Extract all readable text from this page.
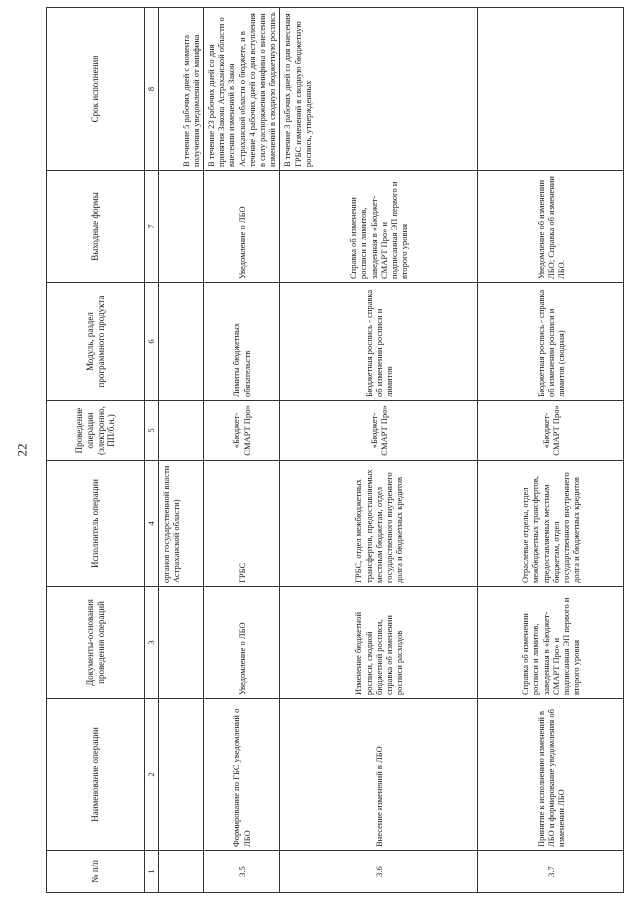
22
№ п/п	Наименование операции	Документы-основания проведения операций	Исполнитель операции	Проведение операции (электронно, ПП/б.н.)	Модуль, раздел программного продукта	Выходные формы	Срок исполнения
1	2	3	4	5	6	7	8
			органов государственной власти Астраханской области)				В течение 5 рабочих дней с момента получения уведомлений от минфина
3.5	Формирование по ГБС уведомлений о ЛБО	Уведомление о ЛБО	ГРБС	«Бюджет-СМАРТ Про»	Лимиты бюджетных обязательств	Уведомление о ЛБО	В течение 23 рабочих дней со дня принятия Закона Астраханской области о внесении изменений в Закон Астраханской области о бюджете, и в течение 4 рабочих дней со дня вступления в силу распоряжения минфина о внесении изменений в сводную бюджетную роспись
3.6	Внесение изменений в ЛБО	Изменение бюджетной росписи, сводной бюджетной росписи, справка об изменении росписи расходов	ГРБС, отдел межбюджетных трансфертов, предоставляемых местным бюджетам, отдел государственного внутреннего долга и бюджетных кредитов	«Бюджет-СМАРТ Про»	Бюджетная роспись - справка об изменении росписи и лимитов	Справка об изменении росписи и лимитов, заведенная в «Бюджет-СМАРТ Про» и подписанная ЭП первого и второго уровня	В течение 3 рабочих дней со дня внесения ГРБС изменений в сводную бюджетную роспись, утвержденных
3.7	Принятие к исполнению изменений в ЛБО и формирование уведомления об изменении ЛБО	Справка об изменении росписи и лимитов, заведенная в «Бюджет-СМАРТ Про» и подписанная ЭП первого и второго уровня	Отраслевые отделы, отдел межбюджетных трансфертов, предоставляемых местным бюджетам, отдел государственного внутреннего долга и бюджетных кредитов	«Бюджет-СМАРТ Про»	Бюджетная роспись - справка об изменении росписи и лимитов (сводная)	Уведомление об изменении ЛБО; Справка об изменении ЛБО.	
